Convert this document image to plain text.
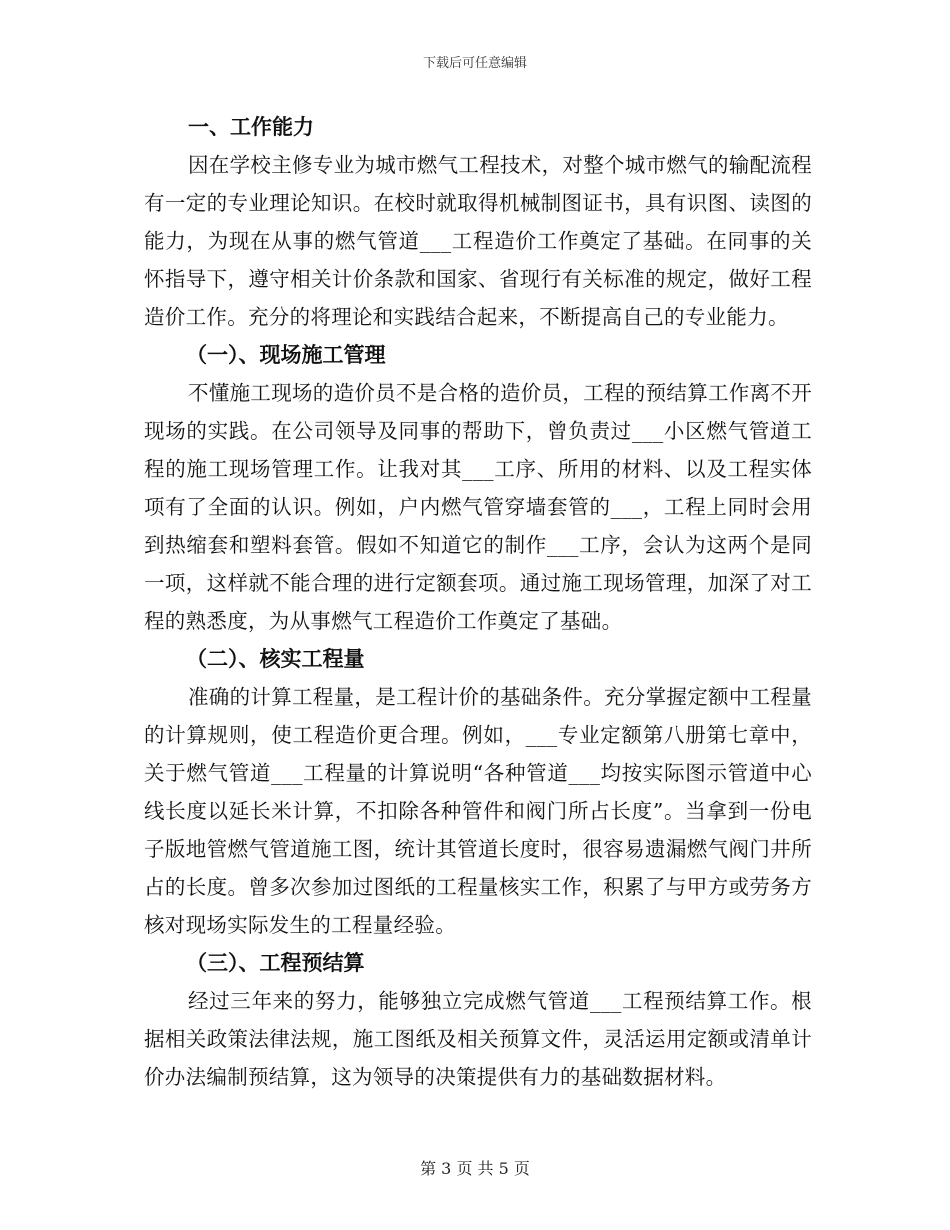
下载后可任意编辑
一、工作能力
因在学校主修专业为城市燃气工程技术，对整个城市燃气的输配流程有一定的专业理论知识。在校时就取得机械制图证书，具有识图、读图的能力，为现在从事的燃气管道___工程造价工作奠定了基础。在同事的关怀指导下，遵守相关计价条款和国家、省现行有关标准的规定，做好工程造价工作。充分的将理论和实践结合起来，不断提高自己的专业能力。
（一）、现场施工管理
不懂施工现场的造价员不是合格的造价员，工程的预结算工作离不开现场的实践。在公司领导及同事的帮助下，曾负责过___小区燃气管道工程的施工现场管理工作。让我对其___工序、所用的材料、以及工程实体项有了全面的认识。例如，户内燃气管穿墙套管的___，工程上同时会用到热缩套和塑料套管。假如不知道它的制作___工序，会认为这两个是同一项，这样就不能合理的进行定额套项。通过施工现场管理，加深了对工程的熟悉度，为从事燃气工程造价工作奠定了基础。
（二）、核实工程量
准确的计算工程量，是工程计价的基础条件。充分掌握定额中工程量的计算规则，使工程造价更合理。例如，___专业定额第八册第七章中，关于燃气管道___工程量的计算说明“各种管道___均按实际图示管道中心线长度以延长米计算，不扣除各种管件和阀门所占长度”。当拿到一份电子版地管燃气管道施工图，统计其管道长度时，很容易遗漏燃气阀门井所占的长度。曾多次参加过图纸的工程量核实工作，积累了与甲方或劳务方核对现场实际发生的工程量经验。
（三）、工程预结算
经过三年来的努力，能够独立完成燃气管道___工程预结算工作。根据相关政策法律法规，施工图纸及相关预算文件，灵活运用定额或清单计价办法编制预结算，这为领导的决策提供有力的基础数据材料。
第 3 页 共 5 页
